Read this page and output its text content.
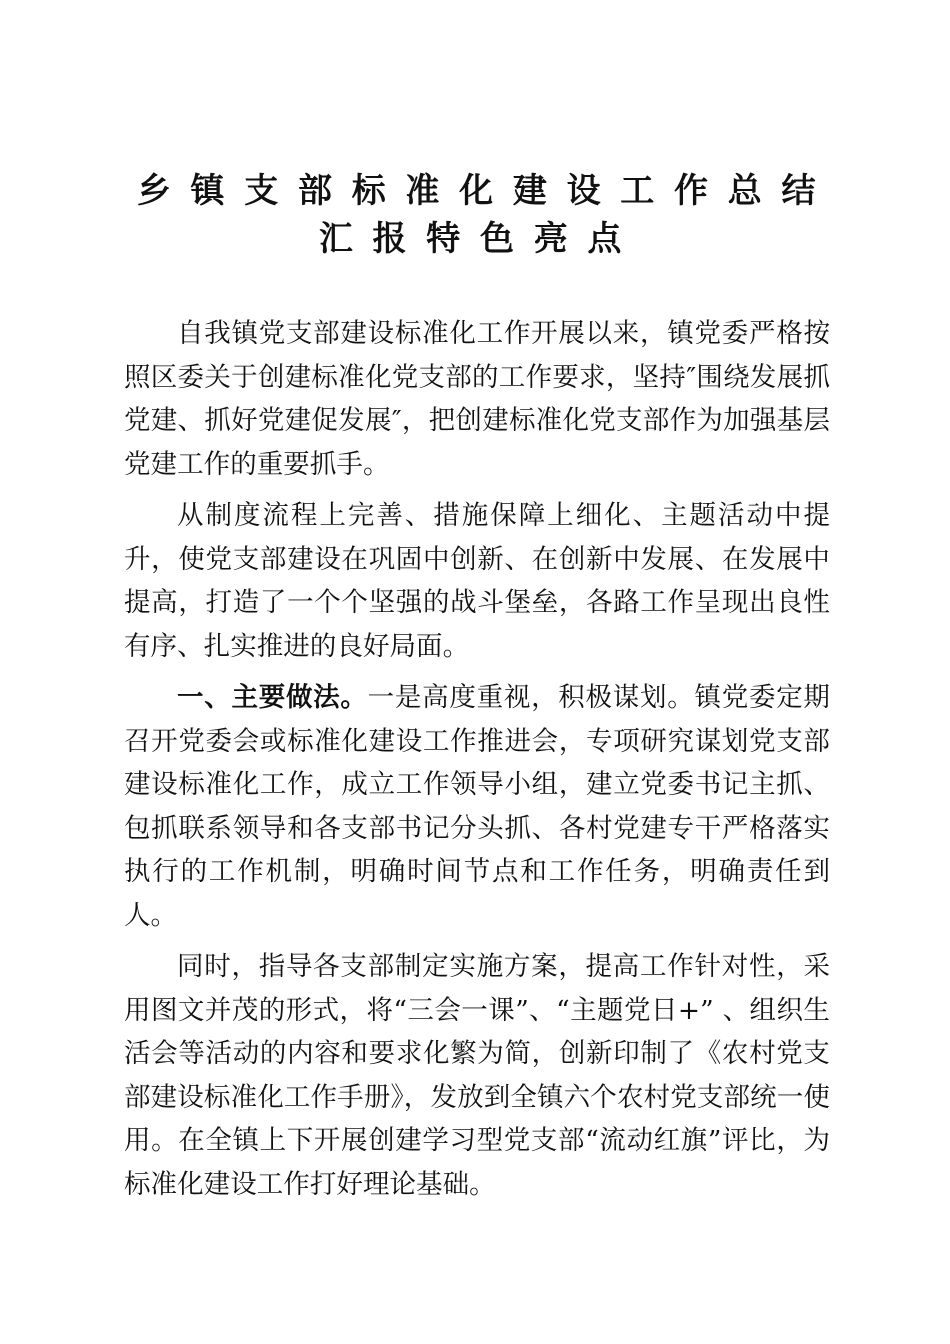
乡镇支部标准化建设工作总结
汇报特色亮点

自我镇党支部建设标准化工作开展以来，镇党委严格按照区委关于创建标准化党支部的工作要求，坚持″围绕发展抓党建、抓好党建促发展″，把创建标准化党支部作为加强基层党建工作的重要抓手。

从制度流程上完善、措施保障上细化、主题活动中提升，使党支部建设在巩固中创新、在创新中发展、在发展中提高，打造了一个个坚强的战斗堡垒，各路工作呈现出良性有序、扎实推进的良好局面。

一、主要做法。一是高度重视，积极谋划。镇党委定期召开党委会或标准化建设工作推进会，专项研究谋划党支部建设标准化工作，成立工作领导小组，建立党委书记主抓、包抓联系领导和各支部书记分头抓、各村党建专干严格落实执行的工作机制，明确时间节点和工作任务，明确责任到人。

同时，指导各支部制定实施方案，提高工作针对性，采用图文并茂的形式，将“三会一课”、“主题党日+” 、组织生活会等活动的内容和要求化繁为简，创新印制了《农村党支部建设标准化工作手册》，发放到全镇六个农村党支部统一使用。在全镇上下开展创建学习型党支部“流动红旗”评比，为标准化建设工作打好理论基础。
